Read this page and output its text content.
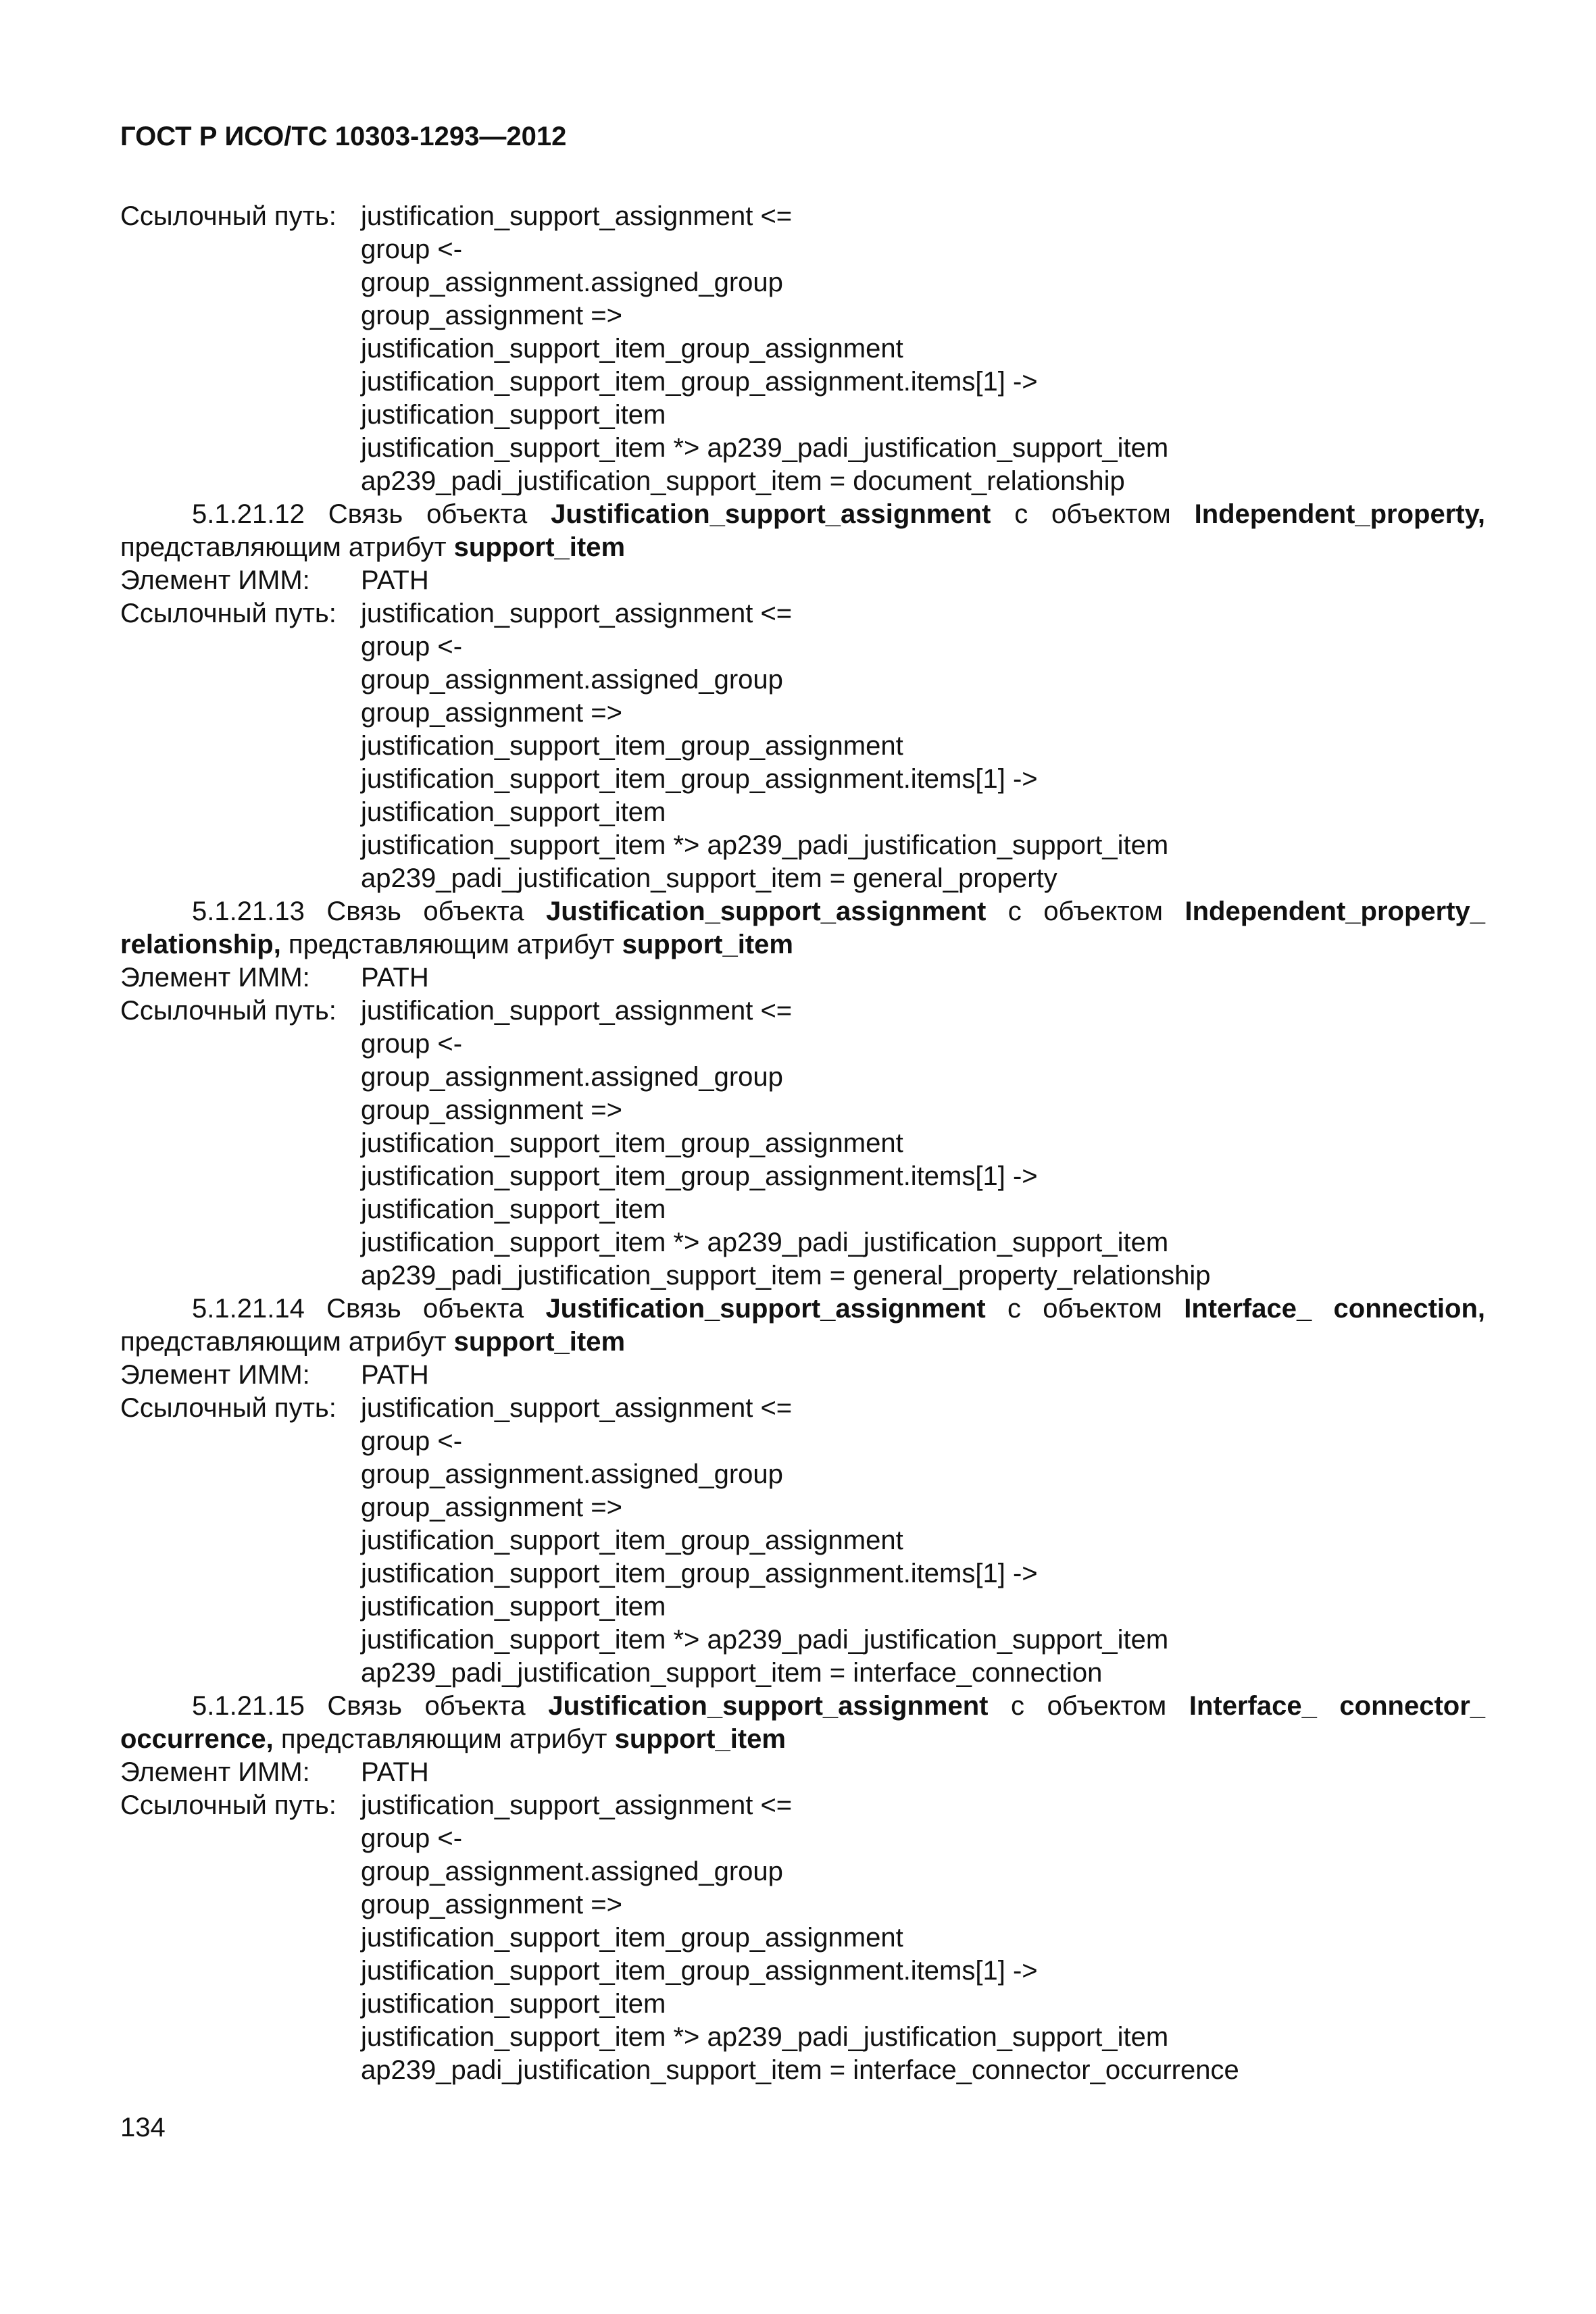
ГОСТ Р ИСО/ТС 10303-1293—2012
Ссылочный путь: justification_support_assignment <=
group <-
group_assignment.assigned_group
group_assignment =>
justification_support_item_group_assignment
justification_support_item_group_assignment.items[1] ->
justification_support_item
justification_support_item *> ap239_padi_justification_support_item
ap239_padi_justification_support_item = document_relationship
5.1.21.12 Связь объекта Justification_support_assignment с объектом Independent_property, представляющим атрибут support_item
Элемент ИММ:	PATH
Ссылочный путь: justification_support_assignment <=
group <-
group_assignment.assigned_group
group_assignment =>
justification_support_item_group_assignment
justification_support_item_group_assignment.items[1] ->
justification_support_item
justification_support_item *> ap239_padi_justification_support_item
ap239_padi_justification_support_item = general_property
5.1.21.13 Связь объекта Justification_support_assignment с объектом Independent_property_ relationship, представляющим атрибут support_item
Элемент ИММ:	PATH
Ссылочный путь: justification_support_assignment <=
group <-
group_assignment.assigned_group
group_assignment =>
justification_support_item_group_assignment
justification_support_item_group_assignment.items[1] ->
justification_support_item
justification_support_item *> ap239_padi_justification_support_item
ap239_padi_justification_support_item = general_property_relationship
5.1.21.14 Связь объекта Justification_support_assignment с объектом Interface_ connection, представляющим атрибут support_item
Элемент ИММ:	PATH
Ссылочный путь: justification_support_assignment <=
group <-
group_assignment.assigned_group
group_assignment =>
justification_support_item_group_assignment
justification_support_item_group_assignment.items[1] ->
justification_support_item
justification_support_item *> ap239_padi_justification_support_item
ap239_padi_justification_support_item = interface_connection
5.1.21.15 Связь объекта Justification_support_assignment с объектом Interface_ connector_ occurrence, представляющим атрибут support_item
Элемент ИММ:	PATH
Ссылочный путь: justification_support_assignment <=
group <-
group_assignment.assigned_group
group_assignment =>
justification_support_item_group_assignment
justification_support_item_group_assignment.items[1] ->
justification_support_item
justification_support_item *> ap239_padi_justification_support_item
ap239_padi_justification_support_item = interface_connector_occurrence
134
